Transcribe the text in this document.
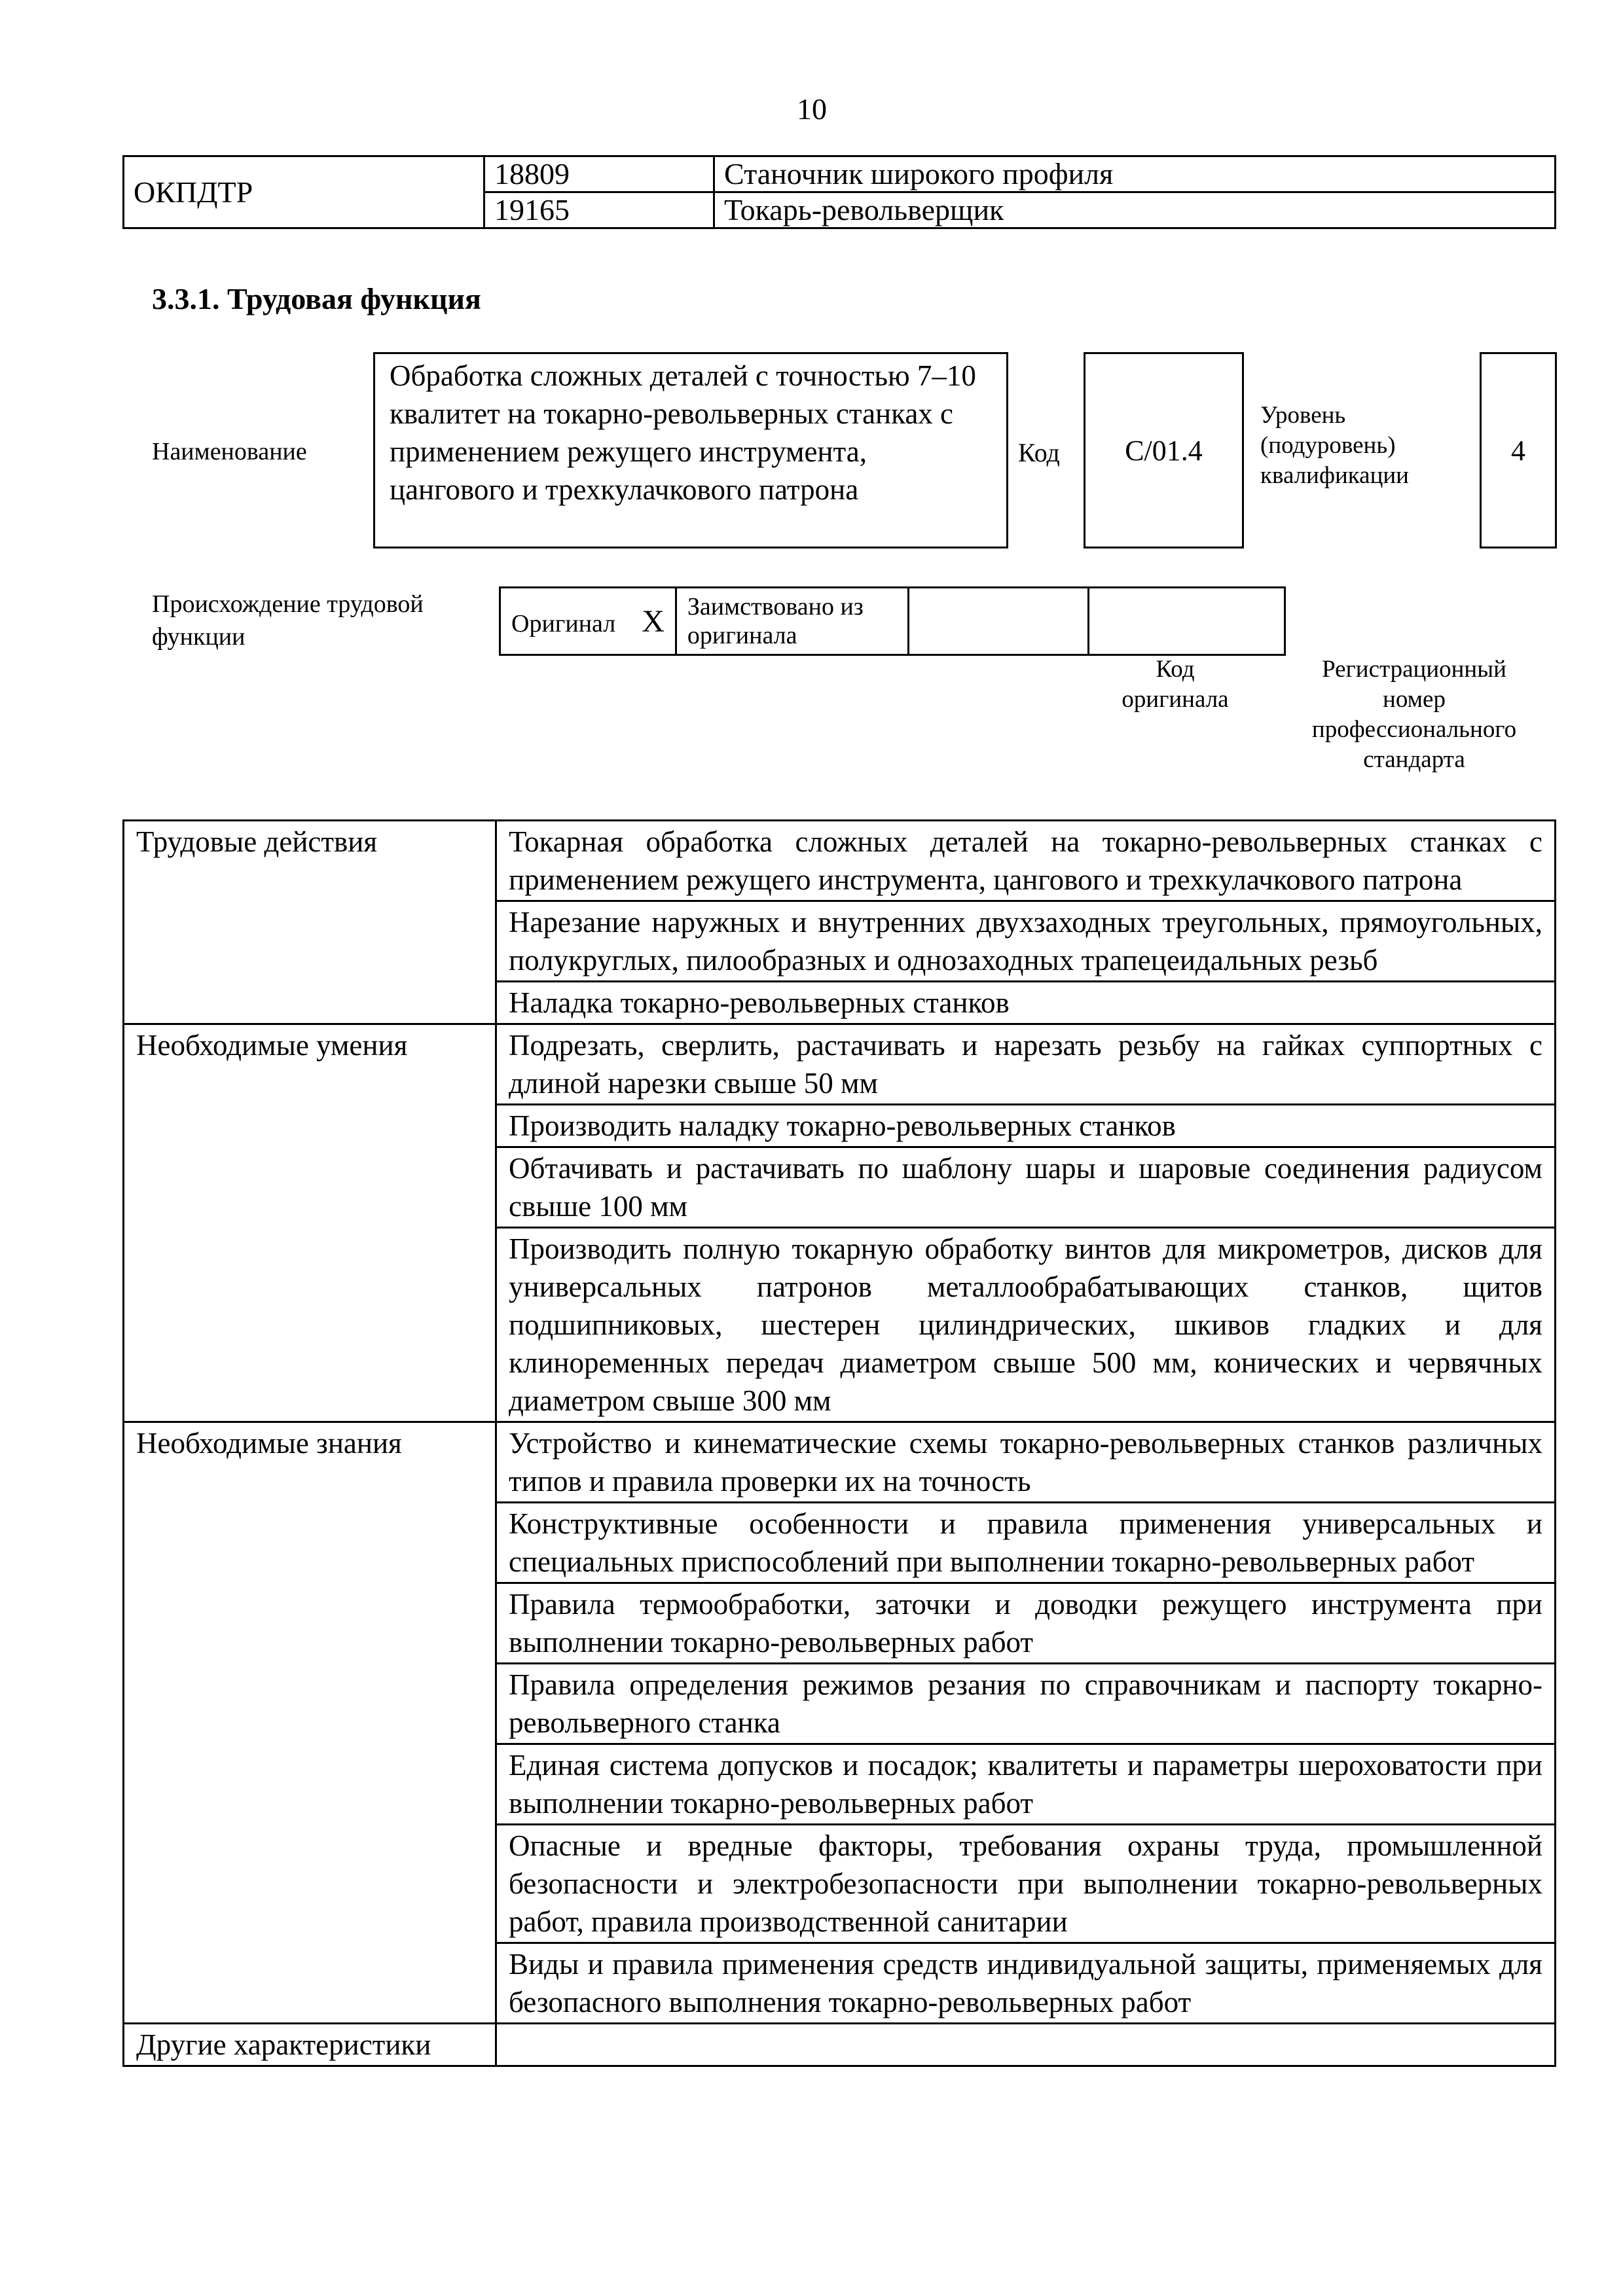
10
ОКПДТР	18809	Станочник широкого профиля
	19165	Токарь-револьверщик
3.3.1. Трудовая функция
Наименование
Обработка сложных деталей с точностью 7–10 квалитет на токарно-револьверных станках с применением режущего инструмента, цангового и трехкулачкового патрона
Код	C/01.4
Уровень
(подуровень)
квалификации
4
Происхождение трудовой функции	Оригинал X	Заимствовано из оригинала		
Код
оригинала
Регистрационный
номер
профессионального
стандарта
Трудовые действия	Токарная обработка сложных деталей на токарно-револьверных станках с применением режущего инструмента, цангового и трехкулачкового патрона
	Нарезание наружных и внутренних двухзаходных треугольных, прямоугольных, полукруглых, пилообразных и однозаходных трапецеидальных резьб
	Наладка токарно-револьверных станков
Необходимые умения	Подрезать, сверлить, растачивать и нарезать резьбу на гайках суппортных с длиной нарезки свыше 50 мм
	Производить наладку токарно-револьверных станков
	Обтачивать и растачивать по шаблону шары и шаровые соединения радиусом свыше 100 мм
	Производить полную токарную обработку винтов для микрометров, дисков для универсальных патронов металлообрабатывающих станков, щитов подшипниковых, шестерен цилиндрических, шкивов гладких и для клиноременных передач диаметром свыше 500 мм, конических и червячных диаметром свыше 300 мм
Необходимые знания	Устройство и кинематические схемы токарно-револьверных станков различных типов и правила проверки их на точность
	Конструктивные особенности и правила применения универсальных и специальных приспособлений при выполнении токарно-револьверных работ
	Правила термообработки, заточки и доводки режущего инструмента при выполнении токарно-револьверных работ
	Правила определения режимов резания по справочникам и паспорту токарно-револьверного станка
	Единая система допусков и посадок; квалитеты и параметры шероховатости при выполнении токарно-револьверных работ
	Опасные и вредные факторы, требования охраны труда, промышленной безопасности и электробезопасности при выполнении токарно-револьверных работ, правила производственной санитарии
	Виды и правила применения средств индивидуальной защиты, применяемых для безопасного выполнения токарно-револьверных работ
Другие характеристики	
